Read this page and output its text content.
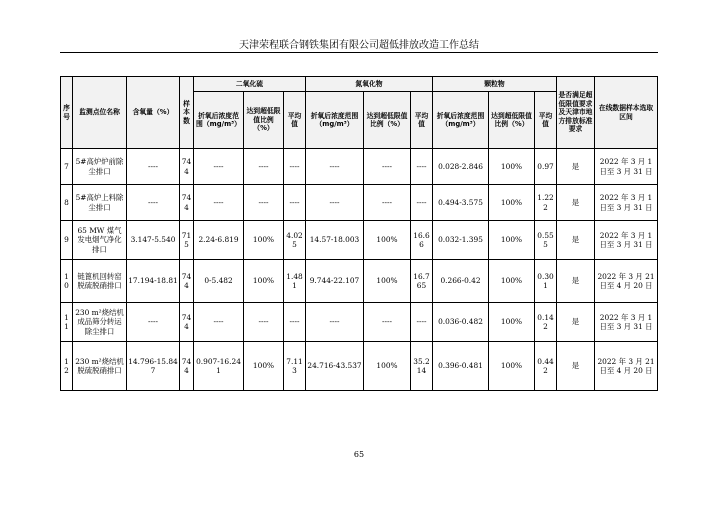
天津荣程联合钢铁集团有限公司超低排放改造工作总结
序号	监测点位名称	含氧量（%）	样本数	二氧化硫			氮氧化物			颗粒物			是否满足超低限值要求及天津市地方排放标准要求	在线数据样本选取区间
				折氧后浓度范围（mg/m³）	达到超低限值比例（%）	平均值	折氧后浓度范围（mg/m³）	达到超低限值比例（%）	平均值	折氧后浓度范围（mg/m³）	达到超低限值比例（%）	平均值		
7	5#高炉炉前除尘排口	----	744	----	----	----	----	----	----	0.028-2.846	100%	0.97	是	2022 年 3 月 1 日至 3 月 31 日
8	5#高炉上料除尘排口	----	744	----	----	----	----	----	----	0.494-3.575	100%	1.222	是	2022 年 3 月 1 日至 3 月 31 日
9	65 MW 煤气发电烟气净化排口	3.147-5.540	715	2.24-6.819	100%	4.025	14.57-18.003	100%	16.66	0.032-1.395	100%	0.555	是	2022 年 3 月 1 日至 3 月 31 日
10	链篦机回转窑脱硫脱硝排口	17.194-18.81	744	0-5.482	100%	1.481	9.744-22.107	100%	16.765	0.266-0.42	100%	0.301	是	2022 年 3 月 21 日至 4 月 20 日
11	230 m²烧结机成品筛分转运除尘排口	----	744	----	----	----	----	----	----	0.036-0.482	100%	0.142	是	2022 年 3 月 1 日至 3 月 31 日
12	230 m²烧结机脱硫脱硝排口	14.796-15.847	744	0.907-16.241	100%	7.113	24.716-43.537	100%	35.214	0.396-0.481	100%	0.442	是	2022 年 3 月 21 日至 4 月 20 日
65
